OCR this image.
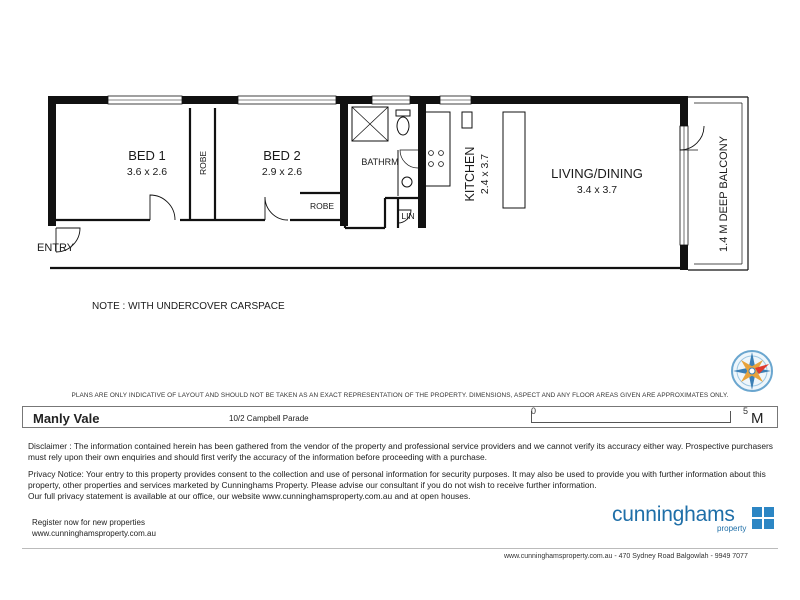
BED 1
3.6 x 2.6	ROBE	BED 2
2.9 x 2.6
ROBE
BATHRM
LIN
KITCHEN 2.4 x 3.7	LIVING/DINING
3.4 x 3.7	1.4 M DEEP BALCONY
ENTRY
NOTE : WITH UNDERCOVER CARSPACE
PLANS ARE ONLY INDICATIVE OF LAYOUT AND SHOULD NOT BE TAKEN AS AN EXACT REPRESENTATION OF THE PROPERTY. DIMENSIONS, ASPECT AND ANY FLOOR AREAS GIVEN ARE APPROXIMATES ONLY.
Manly Vale	10/2 Campbell Parade
0	5 M
Disclaimer : The information contained herein has been gathered from the vendor of the property and professional service providers and we cannot verify its accuracy either way. Prospective purchasers must rely upon their own enquiries and should first verify the accuracy of the information before proceeding with a purchase.
Privacy Notice: Your entry to this property provides consent to the collection and use of personal information for security purposes. It may also be used to provide you with further information about this property, other properties and services marketed by Cunninghams Property. Please advise our consultant if you do not wish to receive further information.
Our full privacy statement is available at our office, our website www.cunninghamsproperty.com.au and at open houses.
Register now for new properties
www.cunninghamsproperty.com.au
cunninghams
property
www.cunninghamsproperty.com.au - 470 Sydney Road Balgowlah - 9949 7077
